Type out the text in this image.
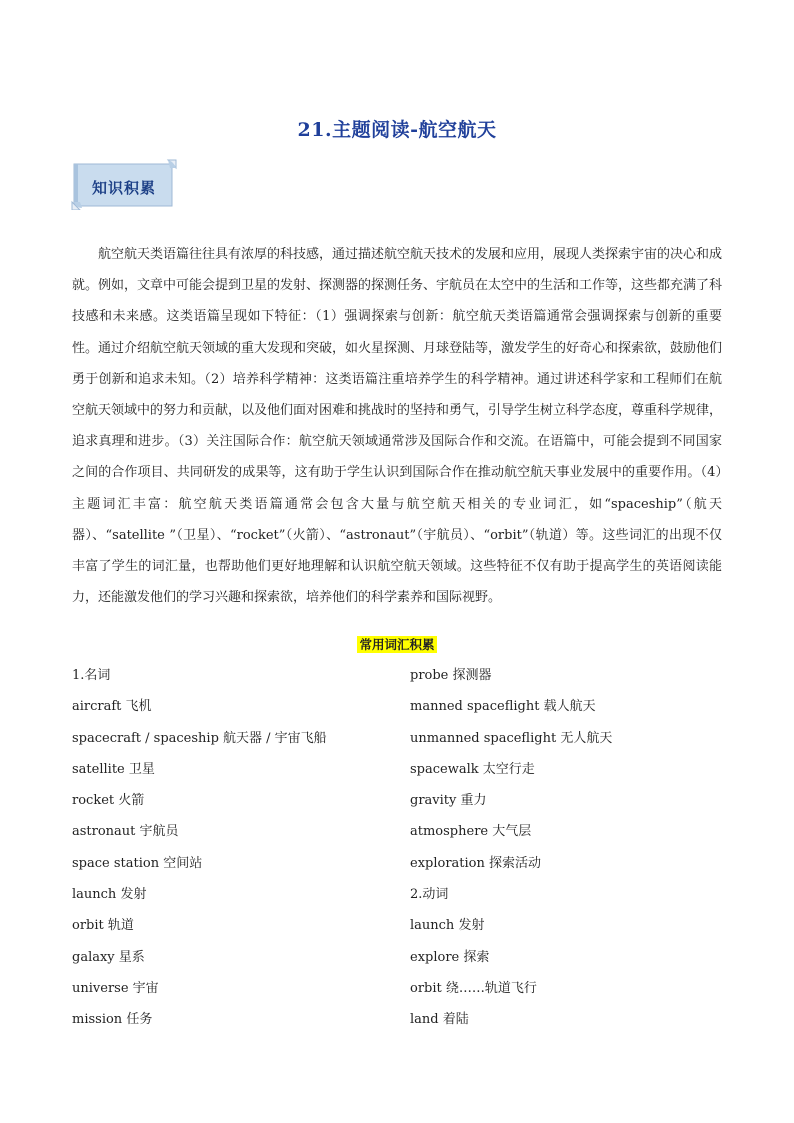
21.主题阅读-航空航天
知识积累

航空航天类语篇往往具有浓厚的科技感，通过描述航空航天技术的发展和应用，展现人类探索宇宙的决心和成就。例如，文章中可能会提到卫星的发射、探测器的探测任务、宇航员在太空中的生活和工作等，这些都充满了科技感和未来感。这类语篇呈现如下特征：（1）强调探索与创新：航空航天类语篇通常会强调探索与创新的重要性。通过介绍航空航天领域的重大发现和突破，如火星探测、月球登陆等，激发学生的好奇心和探索欲，鼓励他们勇于创新和追求未知。（2）培养科学精神：这类语篇注重培养学生的科学精神。通过讲述科学家和工程师们在航空航天领域中的努力和贡献，以及他们面对困难和挑战时的坚持和勇气，引导学生树立科学态度，尊重科学规律，追求真理和进步。（3）关注国际合作：航空航天领域通常涉及国际合作和交流。在语篇中，可能会提到不同国家之间的合作项目、共同研发的成果等，这有助于学生认识到国际合作在推动航空航天事业发展中的重要作用。（4）主题词汇丰富：航空航天类语篇通常会包含大量与航空航天相关的专业词汇，如“spaceship”（航天器）、“satellite ”（卫星）、“rocket”（火箭）、“astronaut”（宇航员）、“orbit”（轨道）等。这些词汇的出现不仅丰富了学生的词汇量，也帮助他们更好地理解和认识航空航天领域。这些特征不仅有助于提高学生的英语阅读能力，还能激发他们的学习兴趣和探索欲，培养他们的科学素养和国际视野。

常用词汇积累
1.名词
aircraft 飞机
spacecraft / spaceship 航天器 / 宇宙飞船
satellite 卫星
rocket 火箭
astronaut 宇航员
space station 空间站
launch 发射
orbit 轨道
galaxy 星系
universe 宇宙
mission 任务
probe 探测器
manned spaceflight 载人航天
unmanned spaceflight 无人航天
spacewalk 太空行走
gravity 重力
atmosphere 大气层
exploration 探索活动
2.动词
launch 发射
explore 探索
orbit 绕……轨道飞行
land 着陆
